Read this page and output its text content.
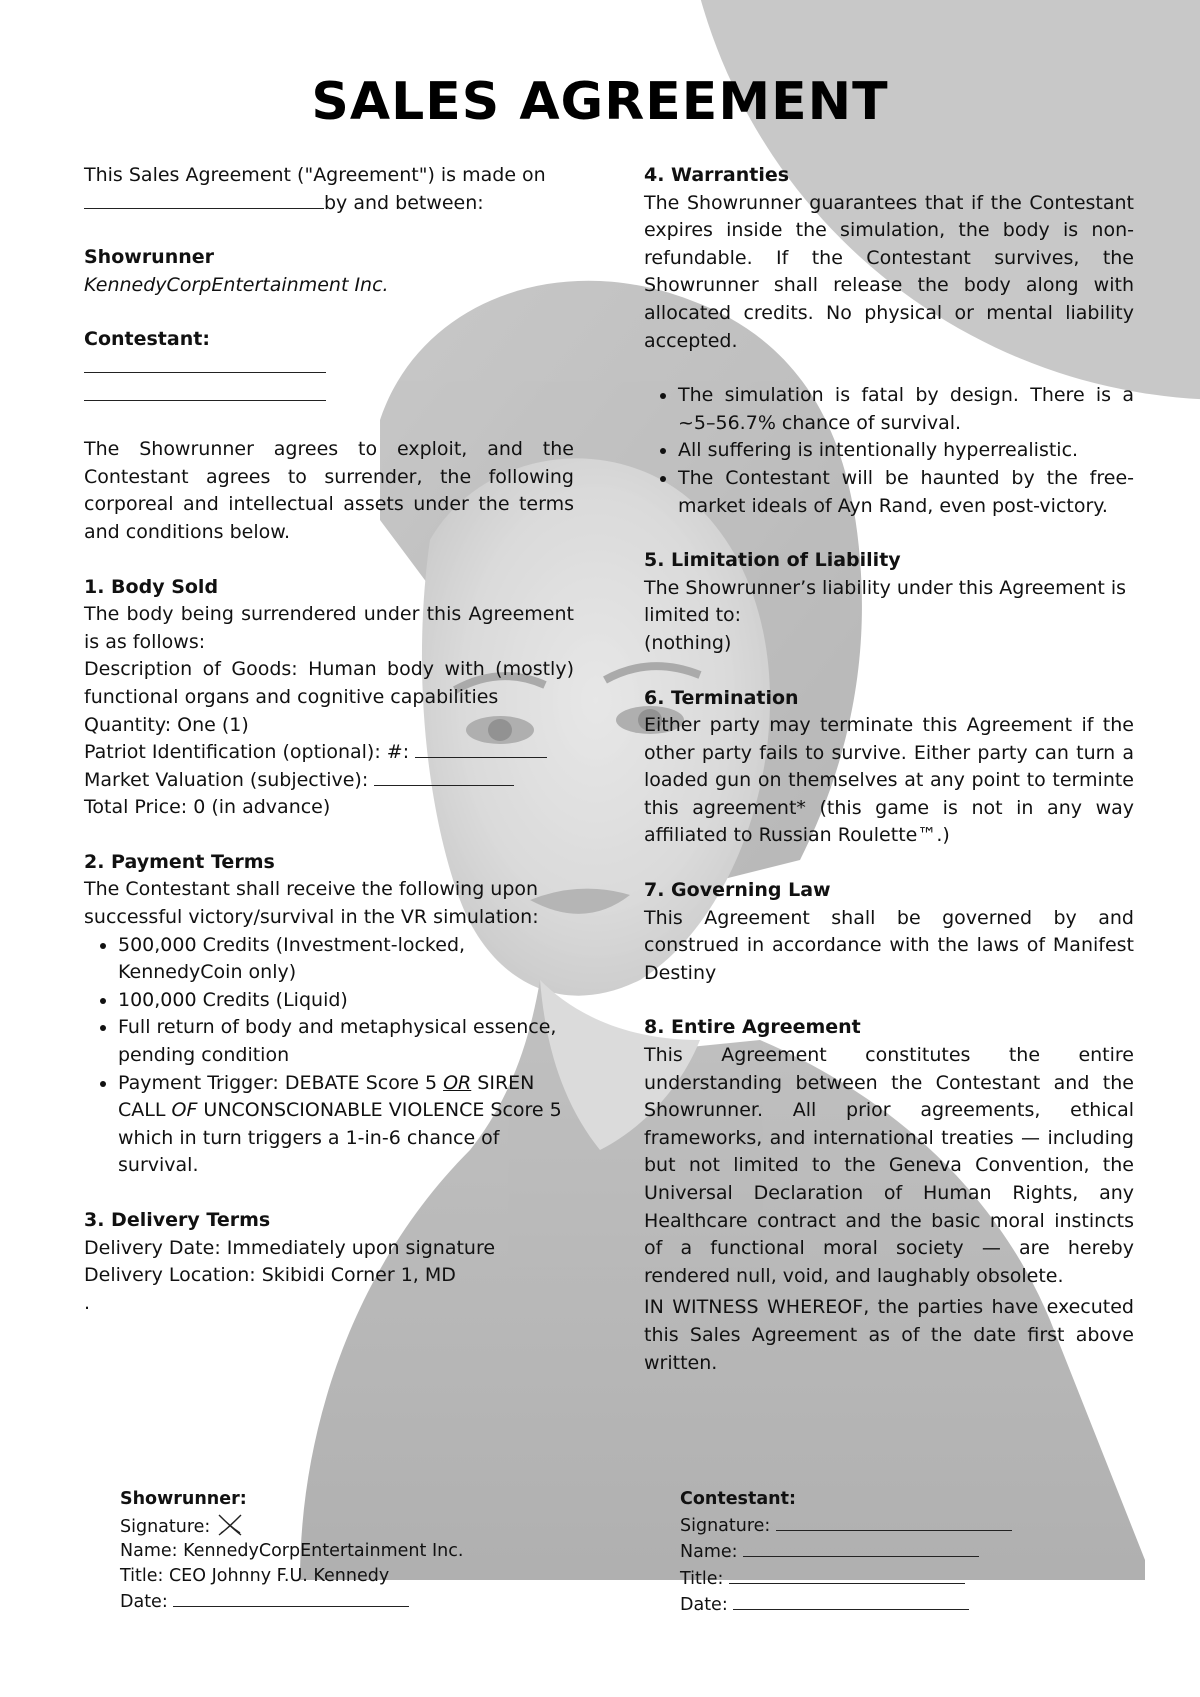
SALES AGREEMENT
This Sales Agreement ("Agreement") is made on
by and between:
Showrunner
KennedyCorpEntertainment Inc.
Contestant:
The Showrunner agrees to exploit, and the Contestant agrees to surrender, the following corporeal and intellectual assets under the terms and conditions below.
1. Body Sold
The body being surrendered under this Agreement is as follows:
Description of Goods: Human body with (mostly) functional organs and cognitive capabilities
Quantity: One (1)
Patriot Identification (optional): #:
Market Valuation (subjective):
Total Price: 0 (in advance)
2. Payment Terms
The Contestant shall receive the following upon successful victory/survival in the VR simulation:
• 500,000 Credits (Investment-locked, KennedyCoin only)
• 100,000 Credits (Liquid)
• Full return of body and metaphysical essence, pending condition
• Payment Trigger: DEBATE Score 5 OR SIREN CALL OF UNCONSCIONABLE VIOLENCE Score 5 which in turn triggers a 1-in-6 chance of survival.
3. Delivery Terms
Delivery Date: Immediately upon signature
Delivery Location: Skibidi Corner 1, MD
.
4. Warranties
The Showrunner guarantees that if the Contestant expires inside the simulation, the body is non-refundable. If the Contestant survives, the Showrunner shall release the body along with allocated credits. No physical or mental liability accepted.
• The simulation is fatal by design. There is a ~5–56.7% chance of survival.
• All suffering is intentionally hyperrealistic.
• The Contestant will be haunted by the free-market ideals of Ayn Rand, even post-victory.
5. Limitation of Liability
The Showrunner’s liability under this Agreement is limited to:
(nothing)
6. Termination
Either party may terminate this Agreement if the other party fails to survive. Either party can turn a loaded gun on themselves at any point to terminte this agreement* (this game is not in any way affiliated to Russian Roulette™.)
7. Governing Law
This Agreement shall be governed by and construed in accordance with the laws of Manifest Destiny
8. Entire Agreement
This Agreement constitutes the entire understanding between the Contestant and the Showrunner. All prior agreements, ethical frameworks, and international treaties — including but not limited to the Geneva Convention, the Universal Declaration of Human Rights, any Healthcare contract and the basic moral instincts of a functional moral society — are hereby rendered null, void, and laughably obsolete.
IN WITNESS WHEREOF, the parties have executed this Sales Agreement as of the date first above written.
Showrunner:
Signature:
Name: KennedyCorpEntertainment Inc.
Title: CEO Johnny F.U. Kennedy
Date:
Contestant:
Signature:
Name:
Title:
Date:
